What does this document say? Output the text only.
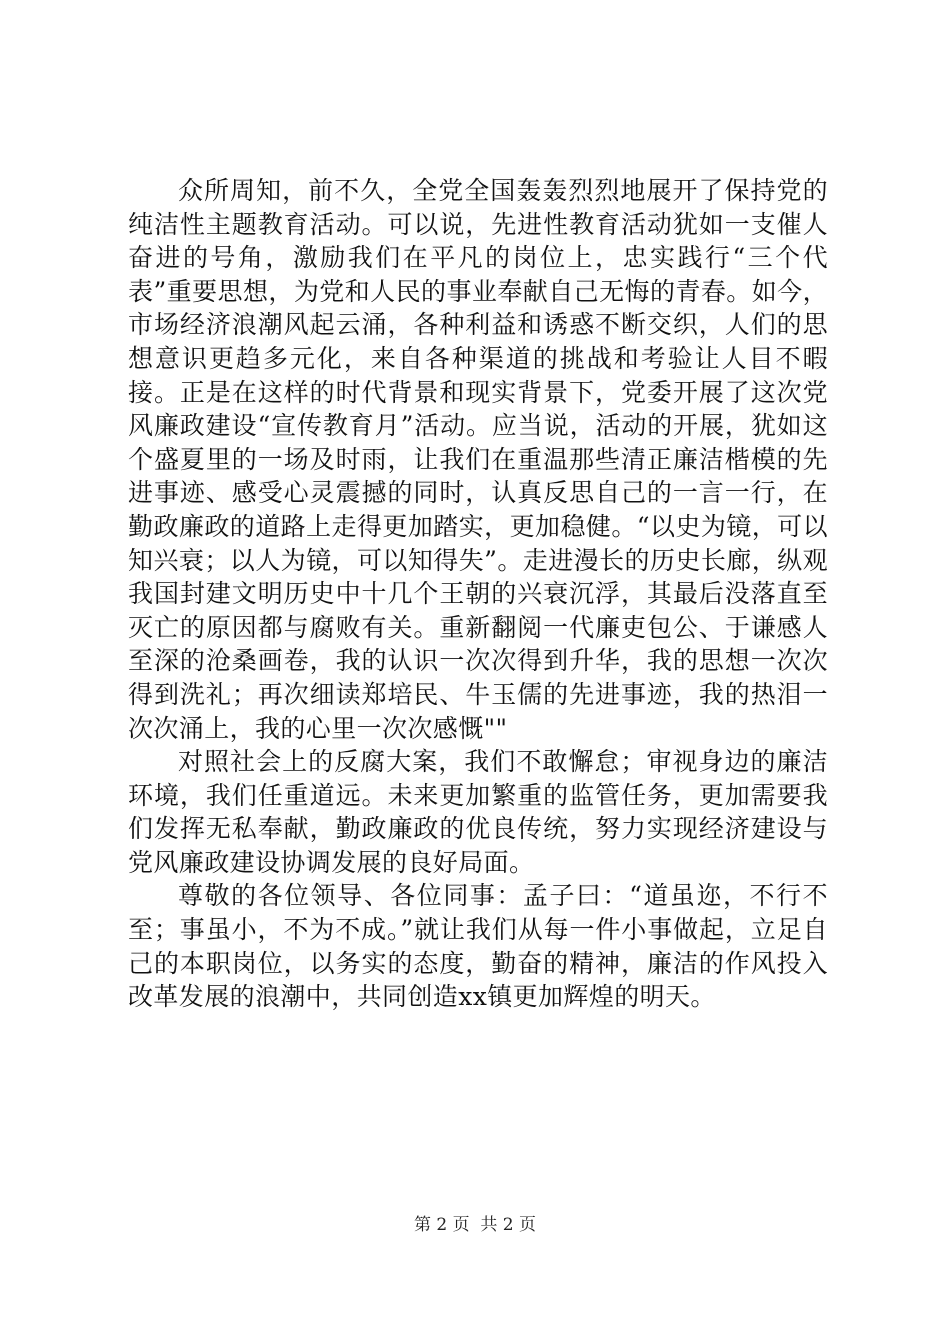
众所周知，前不久，全党全国轰轰烈烈地展开了保持党的纯洁性主题教育活动。可以说，先进性教育活动犹如一支催人奋进的号角，激励我们在平凡的岗位上，忠实践行“三个代表”重要思想，为党和人民的事业奉献自己无悔的青春。如今，市场经济浪潮风起云涌，各种利益和诱惑不断交织，人们的思想意识更趋多元化，来自各种渠道的挑战和考验让人目不暇接。正是在这样的时代背景和现实背景下，党委开展了这次党风廉政建设“宣传教育月”活动。应当说，活动的开展，犹如这个盛夏里的一场及时雨，让我们在重温那些清正廉洁楷模的先进事迹、感受心灵震撼的同时，认真反思自己的一言一行，在勤政廉政的道路上走得更加踏实，更加稳健。“以史为镜，可以知兴衰；以人为镜，可以知得失”。走进漫长的历史长廊，纵观我国封建文明历史中十几个王朝的兴衰沉浮，其最后没落直至灭亡的原因都与腐败有关。重新翻阅一代廉吏包公、于谦感人至深的沧桑画卷，我的认识一次次得到升华，我的思想一次次得到洗礼；再次细读郑培民、牛玉儒的先进事迹，我的热泪一次次涌上，我的心里一次次感慨""

对照社会上的反腐大案，我们不敢懈怠；审视身边的廉洁环境，我们任重道远。未来更加繁重的监管任务，更加需要我们发挥无私奉献，勤政廉政的优良传统，努力实现经济建设与党风廉政建设协调发展的良好局面。

尊敬的各位领导、各位同事：孟子曰：“道虽迩，不行不至；事虽小，不为不成。”就让我们从每一件小事做起，立足自己的本职岗位，以务实的态度，勤奋的精神，廉洁的作风投入改革发展的浪潮中，共同创造xx镇更加辉煌的明天。

第 2 页  共 2 页
